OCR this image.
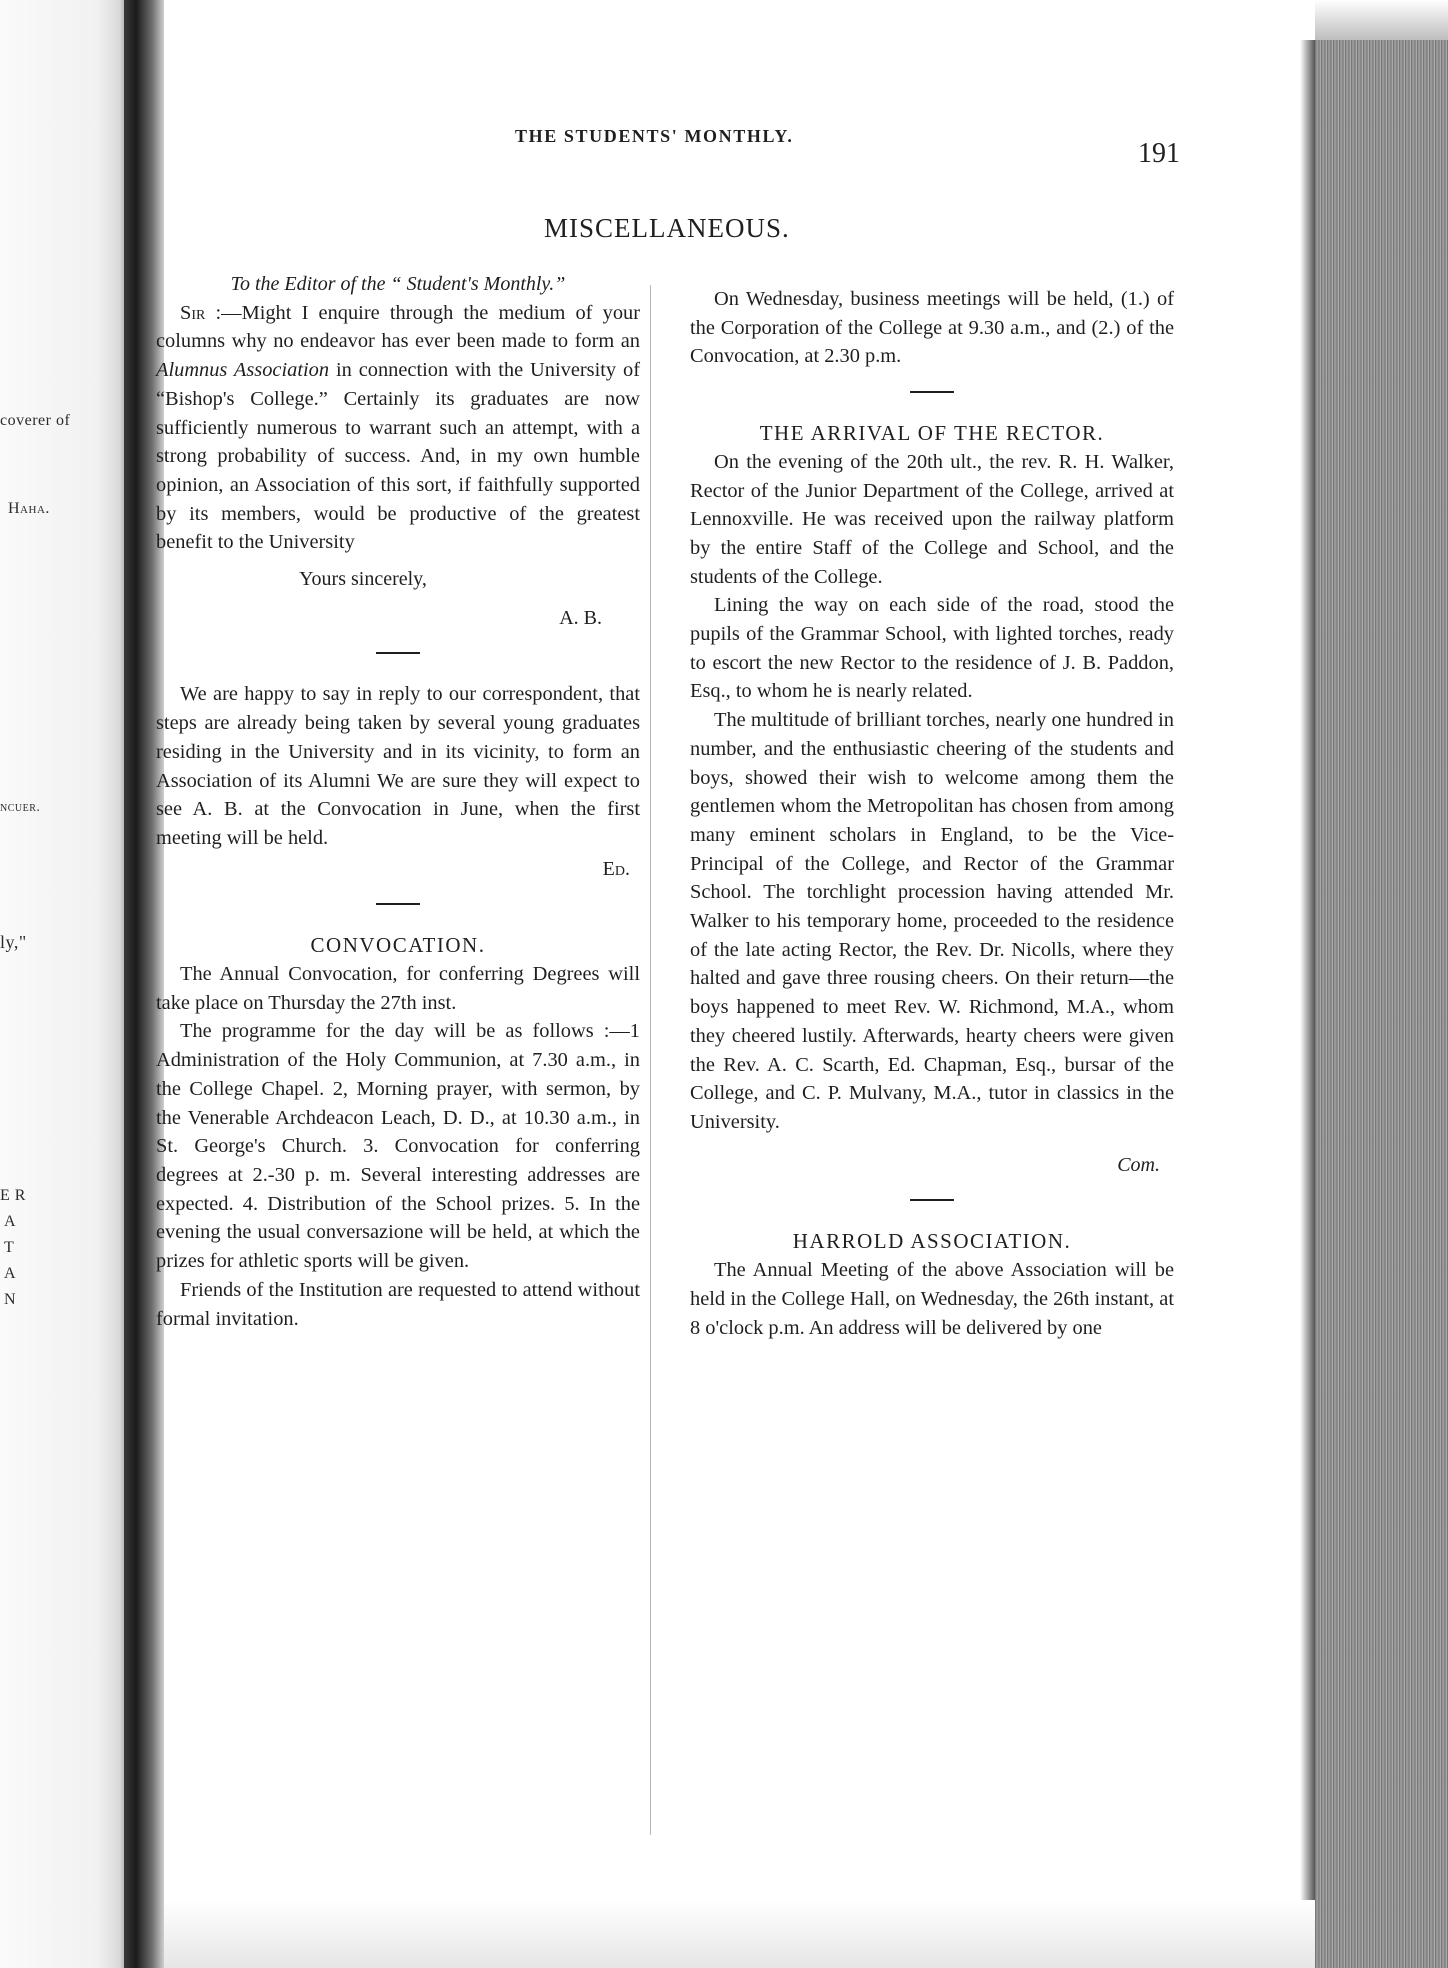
coverer of
Haha.
ncuer.
ly,"
E R
A
T
A
N
THE STUDENTS' MONTHLY.
191
MISCELLANEOUS.

To the Editor of the “ Student's Monthly.”

Sir :—Might I enquire through the medium of your columns why no endeavor has ever been made to form an Alumnus Association in connection with the University of “Bishop's College.” Certainly its graduates are now sufficiently numerous to warrant such an attempt, with a strong probability of success. And, in my own humble opinion, an Association of this sort, if faithfully supported by its members, would be productive of the greatest benefit to the University

Yours sincerely,
A. B.

We are happy to say in reply to our correspondent, that steps are already being taken by several young graduates residing in the University and in its vicinity, to form an Association of its Alumni We are sure they will expect to see A. B. at the Convocation in June, when the first meeting will be held.

Ed.

CONVOCATION.

The Annual Convocation, for conferring Degrees will take place on Thursday the 27th inst.

The programme for the day will be as follows :—1 Administration of the Holy Communion, at 7.30 a.m., in the College Chapel. 2, Morning prayer, with sermon, by the Venerable Archdeacon Leach, D. D., at 10.30 a.m., in St. George's Church. 3. Convocation for conferring degrees at 2.-30 p. m. Several interesting addresses are expected. 4. Distribution of the School prizes. 5. In the evening the usual conversazione will be held, at which the prizes for athletic sports will be given.

Friends of the Institution are requested to attend without formal invitation.

On Wednesday, business meetings will be held, (1.) of the Corporation of the College at 9.30 a.m., and (2.) of the Convocation, at 2.30 p.m.

THE ARRIVAL OF THE RECTOR.

On the evening of the 20th ult., the rev. R. H. Walker, Rector of the Junior Department of the College, arrived at Lennoxville. He was received upon the railway platform by the entire Staff of the College and School, and the students of the College.

Lining the way on each side of the road, stood the pupils of the Grammar School, with lighted torches, ready to escort the new Rector to the residence of J. B. Paddon, Esq., to whom he is nearly related.

The multitude of brilliant torches, nearly one hundred in number, and the enthusiastic cheering of the students and boys, showed their wish to welcome among them the gentlemen whom the Metropolitan has chosen from among many eminent scholars in England, to be the Vice-Principal of the College, and Rector of the Grammar School. The torchlight procession having attended Mr. Walker to his temporary home, proceeded to the residence of the late acting Rector, the Rev. Dr. Nicolls, where they halted and gave three rousing cheers. On their return—the boys happened to meet Rev. W. Richmond, M.A., whom they cheered lustily. Afterwards, hearty cheers were given the Rev. A. C. Scarth, Ed. Chapman, Esq., bursar of the College, and C. P. Mulvany, M.A., tutor in classics in the University.

Com.

HARROLD ASSOCIATION.

The Annual Meeting of the above Association will be held in the College Hall, on Wednesday, the 26th instant, at 8 o'clock p.m. An address will be delivered by one
